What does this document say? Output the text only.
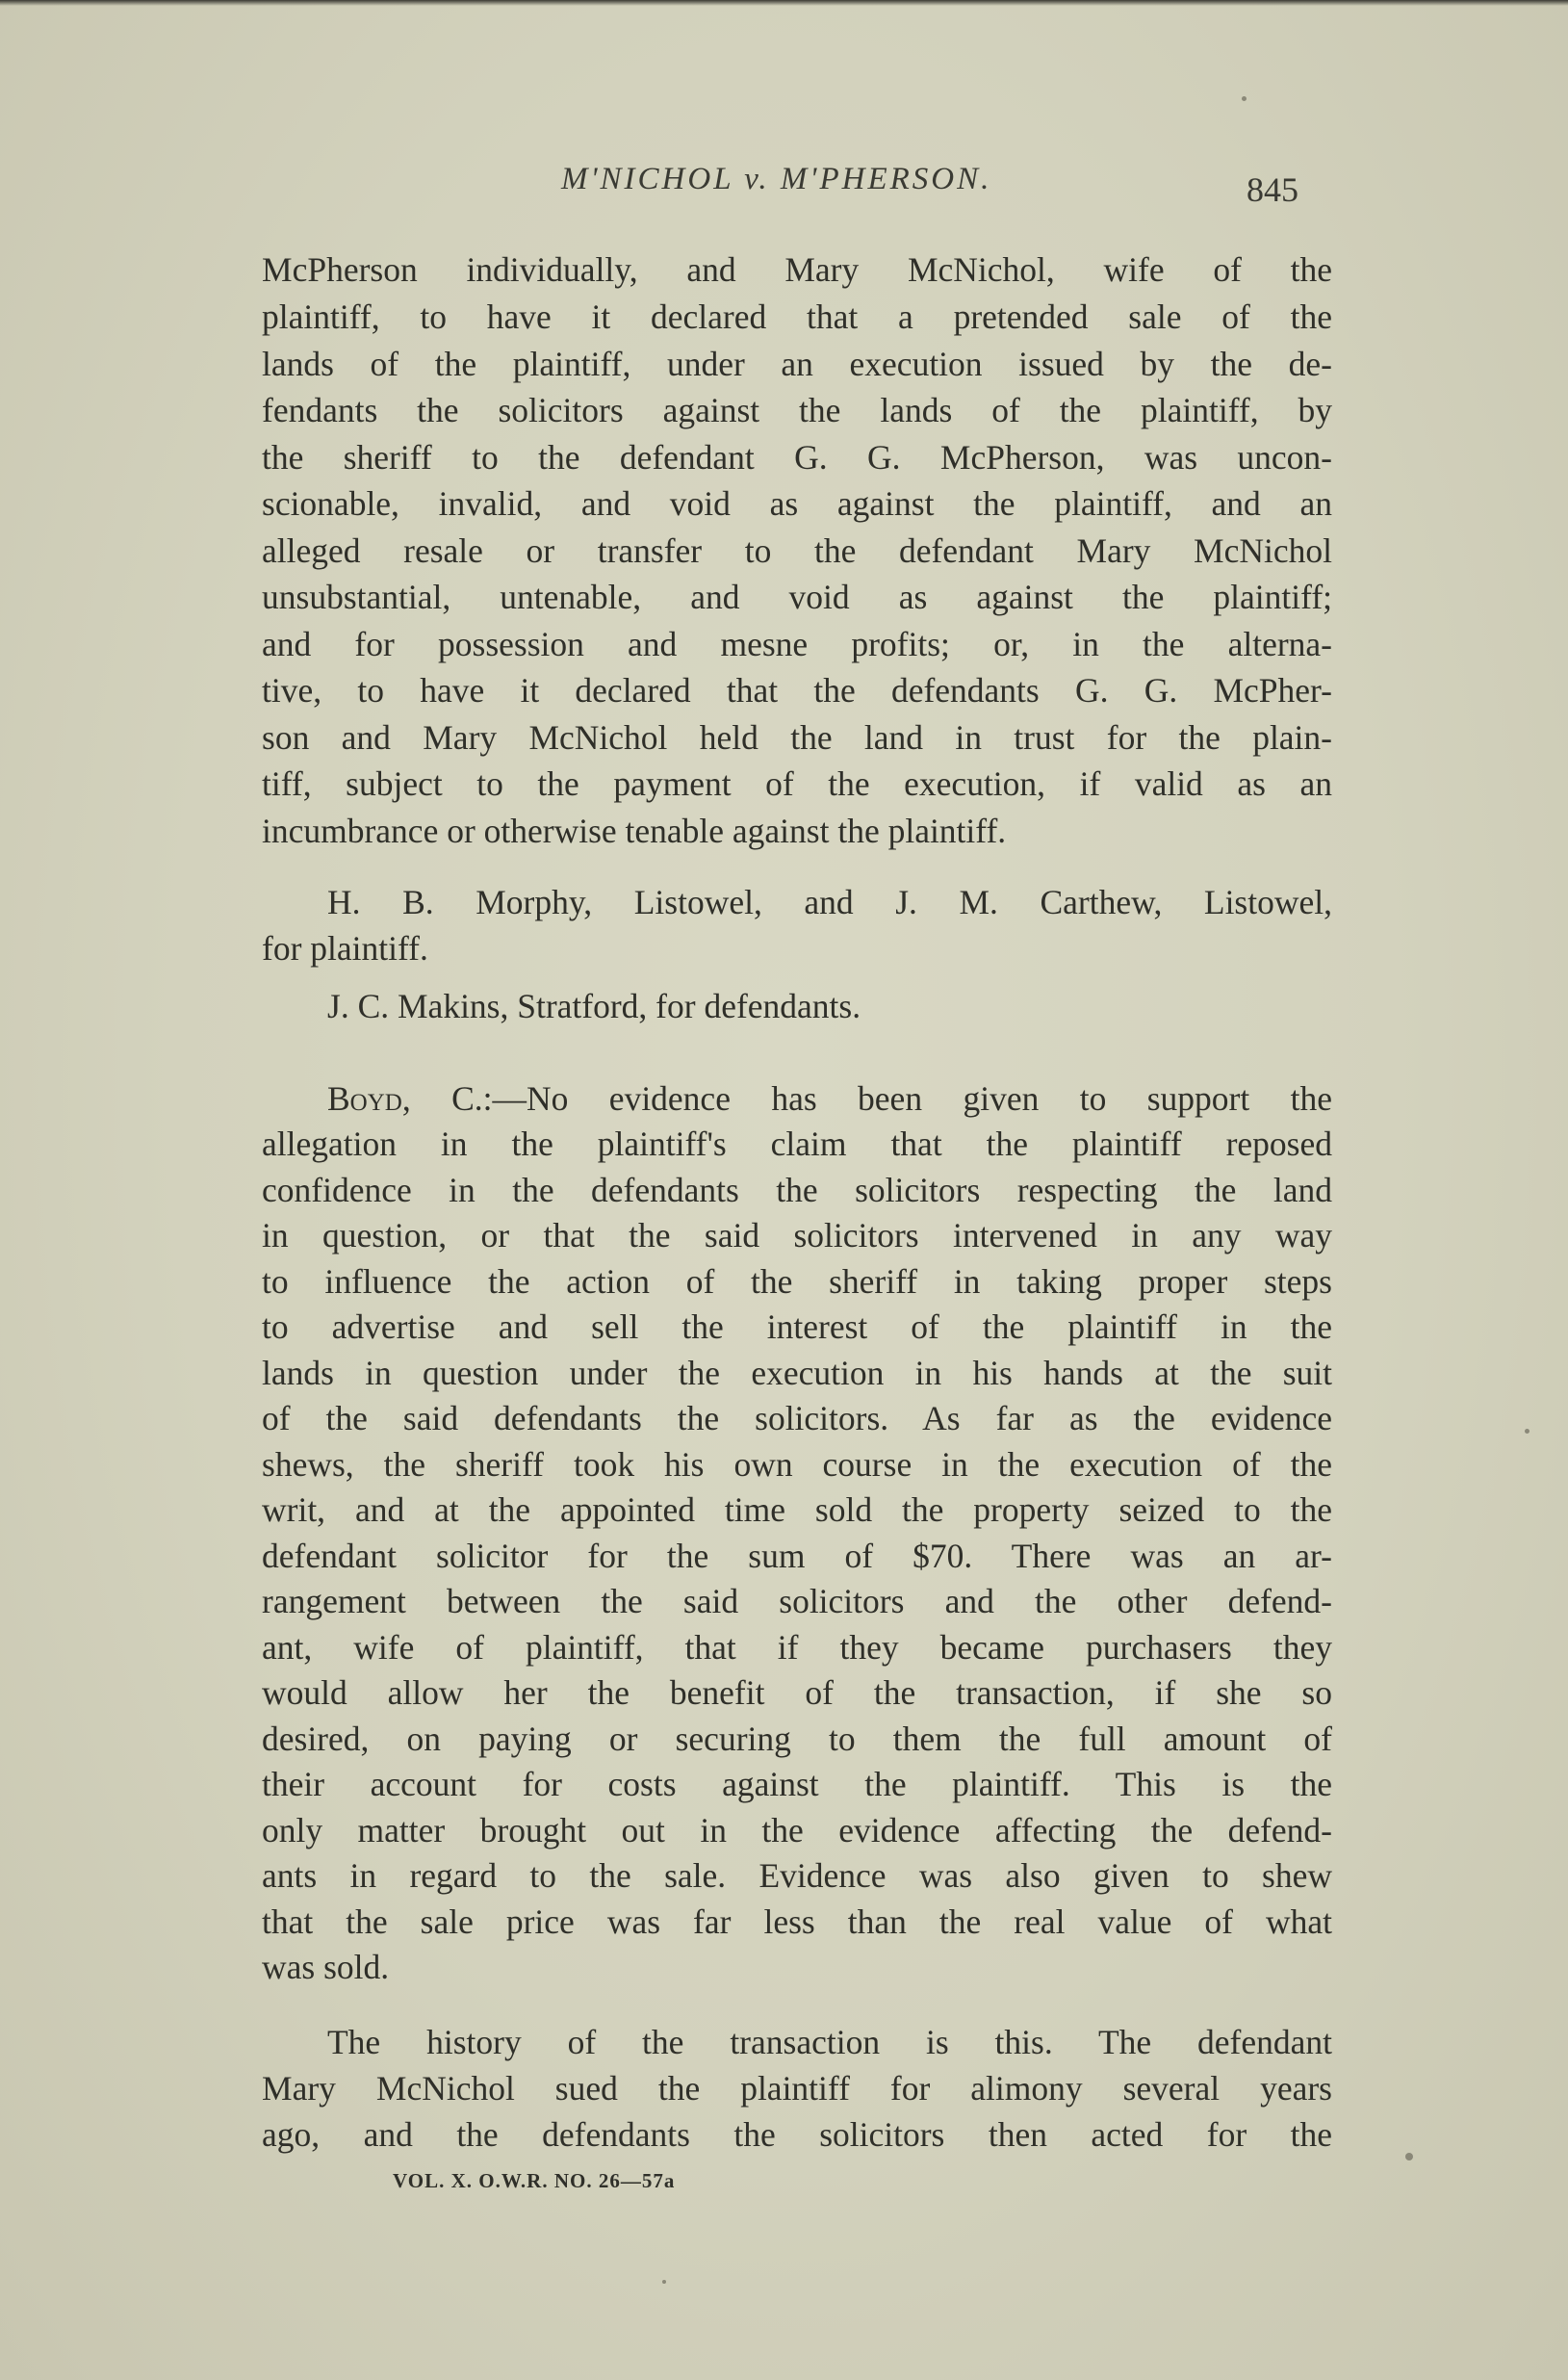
M'NICHOL v. M'PHERSON.	845
McPherson individually, and Mary McNichol, wife of the
plaintiff, to have it declared that a pretended sale of the
lands of the plaintiff, under an execution issued by the de-
fendants the solicitors against the lands of the plaintiff, by
the sheriff to the defendant G. G. McPherson, was uncon-
scionable, invalid, and void as against the plaintiff, and an
alleged resale or transfer to the defendant Mary McNichol
unsubstantial, untenable, and void as against the plaintiff;
and for possession and mesne profits; or, in the alterna-
tive, to have it declared that the defendants G. G. McPher-
son and Mary McNichol held the land in trust for the plain-
tiff, subject to the payment of the execution, if valid as an
incumbrance or otherwise tenable against the plaintiff.
H. B. Morphy, Listowel, and J. M. Carthew, Listowel,
for plaintiff.
J. C. Makins, Stratford, for defendants.
Boyd, C.:—No evidence has been given to support the
allegation in the plaintiff's claim that the plaintiff reposed
confidence in the defendants the solicitors respecting the land
in question, or that the said solicitors intervened in any way
to influence the action of the sheriff in taking proper steps
to advertise and sell the interest of the plaintiff in the
lands in question under the execution in his hands at the suit
of the said defendants the solicitors. As far as the evidence
shews, the sheriff took his own course in the execution of the
writ, and at the appointed time sold the property seized to the
defendant solicitor for the sum of $70. There was an ar-
rangement between the said solicitors and the other defend-
ant, wife of plaintiff, that if they became purchasers they
would allow her the benefit of the transaction, if she so
desired, on paying or securing to them the full amount of
their account for costs against the plaintiff. This is the
only matter brought out in the evidence affecting the defend-
ants in regard to the sale. Evidence was also given to shew
that the sale price was far less than the real value of what
was sold.
The history of the transaction is this. The defendant
Mary McNichol sued the plaintiff for alimony several years
ago, and the defendants the solicitors then acted for the
VOL. X. O.W.R. NO. 26—57a
